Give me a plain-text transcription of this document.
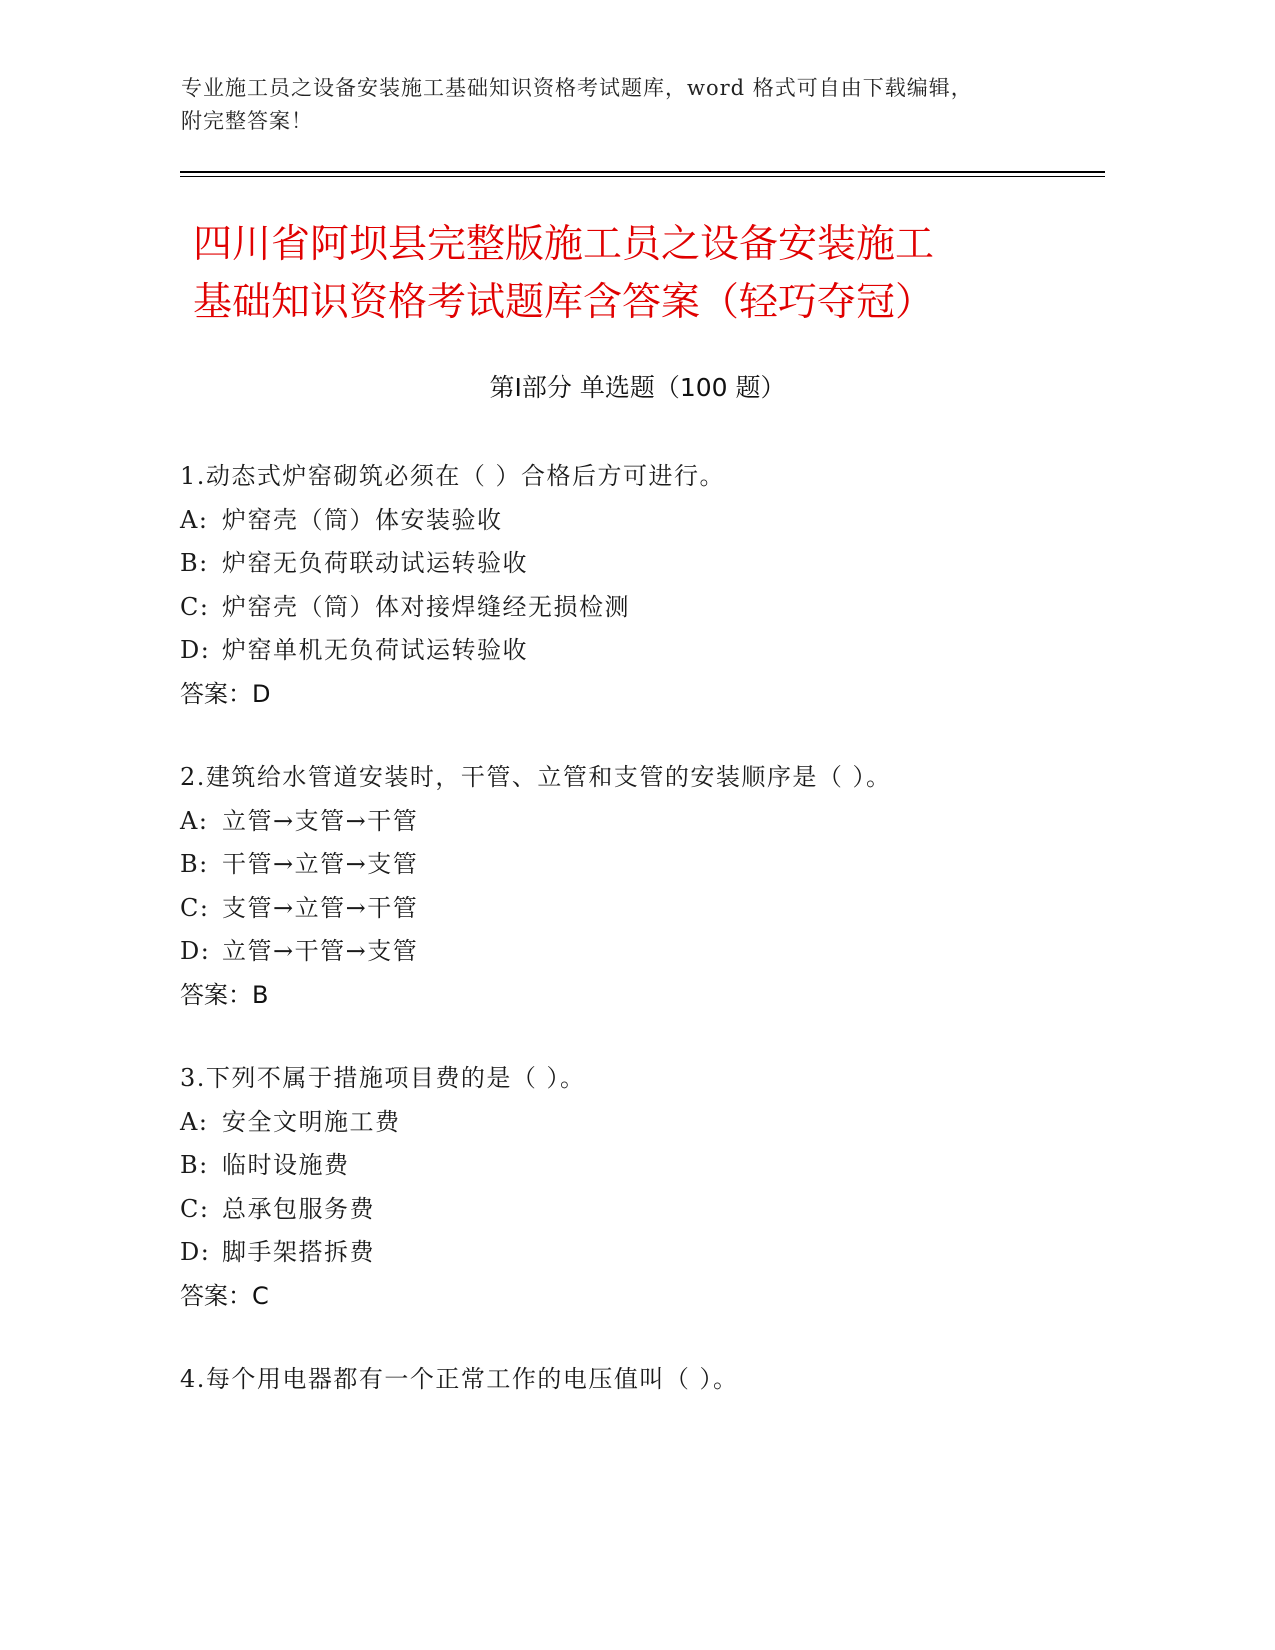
专业施工员之设备安装施工基础知识资格考试题库，word 格式可自由下载编辑，
附完整答案！
四川省阿坝县完整版施工员之设备安装施工
基础知识资格考试题库含答案（轻巧夺冠）
第Ⅰ部分 单选题（100 题）
1.动态式炉窑砌筑必须在（ ）合格后方可进行。
A: 炉窑壳（筒）体安装验收
B: 炉窑无负荷联动试运转验收
C: 炉窑壳（筒）体对接焊缝经无损检测
D: 炉窑单机无负荷试运转验收
答案：D
2.建筑给水管道安装时，干管、立管和支管的安装顺序是（ ）。
A: 立管→支管→干管
B: 干管→立管→支管
C: 支管→立管→干管
D: 立管→干管→支管
答案：B
3.下列不属于措施项目费的是（ ）。
A: 安全文明施工费
B: 临时设施费
C: 总承包服务费
D: 脚手架搭拆费
答案：C
4.每个用电器都有一个正常工作的电压值叫（ ）。
